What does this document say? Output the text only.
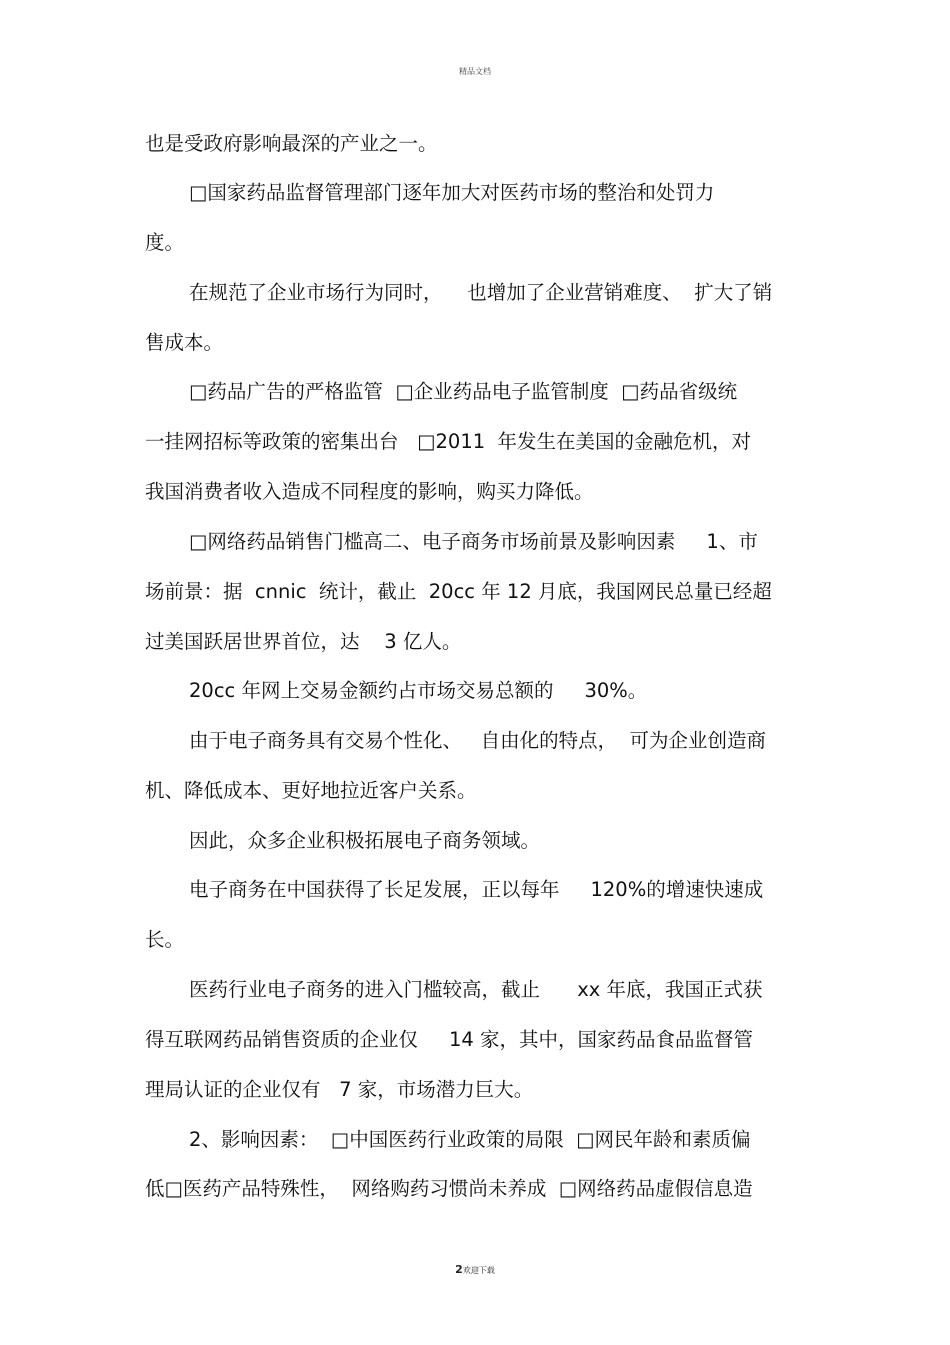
精品文档
也是受政府影响最深的产业之一。
□国家药品监督管理部门逐年加大对医药市场的整治和处罚力
度。
在规范了企业市场行为同时，    也增加了企业营销难度、  扩大了销
售成本。
□药品广告的严格监管  □企业药品电子监管制度  □药品省级统
一挂网招标等政策的密集出台   □2011  年发生在美国的金融危机，对
我国消费者收入造成不同程度的影响，购买力降低。
□网络药品销售门槛高二、电子商务市场前景及影响因素     1、市
场前景：据  cnnic  统计，截止  20cc 年 12 月底，我国网民总量已经超
过美国跃居世界首位，达    3 亿人。
20cc 年网上交易金额约占市场交易总额的     30%。
由于电子商务具有交易个性化、   自由化的特点，  可为企业创造商
机、降低成本、更好地拉近客户关系。
因此，众多企业积极拓展电子商务领域。
电子商务在中国获得了长足发展，正以每年     120%的增速快速成
长。
医药行业电子商务的进入门槛较高，截止      xx 年底，我国正式获
得互联网药品销售资质的企业仅     14 家，其中，国家药品食品监督管
理局认证的企业仅有   7 家，市场潜力巨大。
2、影响因素：  □中国医药行业政策的局限  □网民年龄和素质偏
低□医药产品特殊性，  网络购药习惯尚未养成  □网络药品虚假信息造
2欢迎下载
